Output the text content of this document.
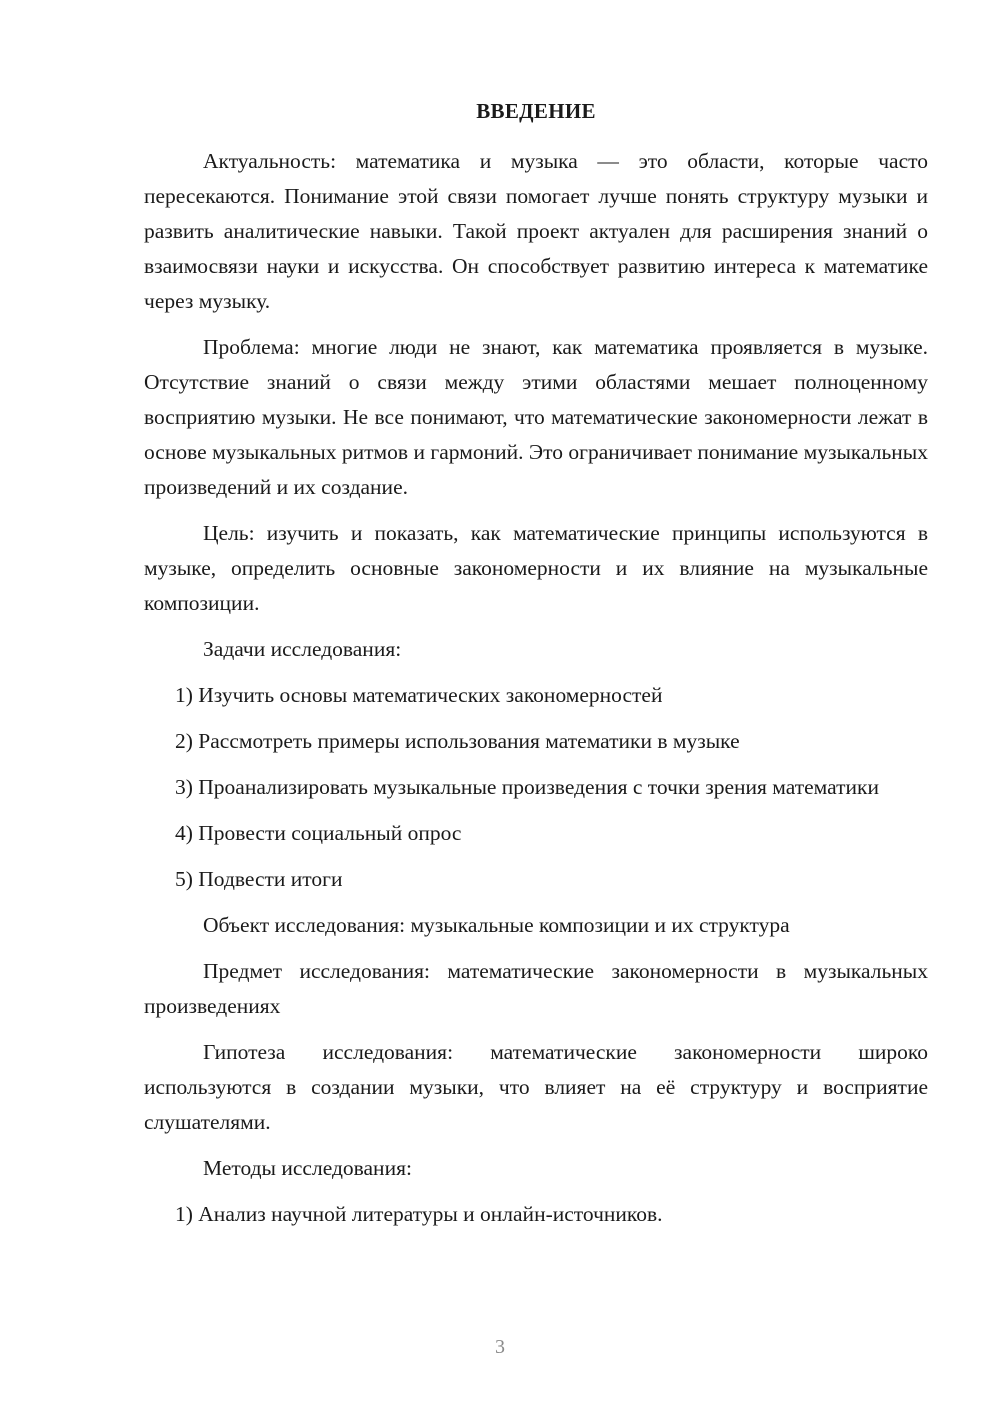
ВВЕДЕНИЕ

Актуальность: математика и музыка — это области, которые часто пересекаются. Понимание этой связи помогает лучше понять структуру музыки и развить аналитические навыки. Такой проект актуален для расширения знаний о взаимосвязи науки и искусства. Он способствует развитию интереса к математике через музыку.

Проблема: многие люди не знают, как математика проявляется в музыке. Отсутствие знаний о связи между этими областями мешает полноценному восприятию музыки. Не все понимают, что математические закономерности лежат в основе музыкальных ритмов и гармоний. Это ограничивает понимание музыкальных произведений и их создание.

Цель: изучить и показать, как математические принципы используются в музыке, определить основные закономерности и их влияние на музыкальные композиции.

Задачи исследования:

1) Изучить основы математических закономерностей

2) Рассмотреть примеры использования математики в музыке

3) Проанализировать музыкальные произведения с точки зрения математики

4) Провести социальный опрос

5) Подвести итоги

Объект исследования: музыкальные композиции и их структура

Предмет исследования: математические закономерности в музыкальных произведениях

Гипотеза исследования: математические закономерности широко используются в создании музыки, что влияет на её структуру и восприятие слушателями.

Методы исследования:

1) Анализ научной литературы и онлайн-источников.

3
